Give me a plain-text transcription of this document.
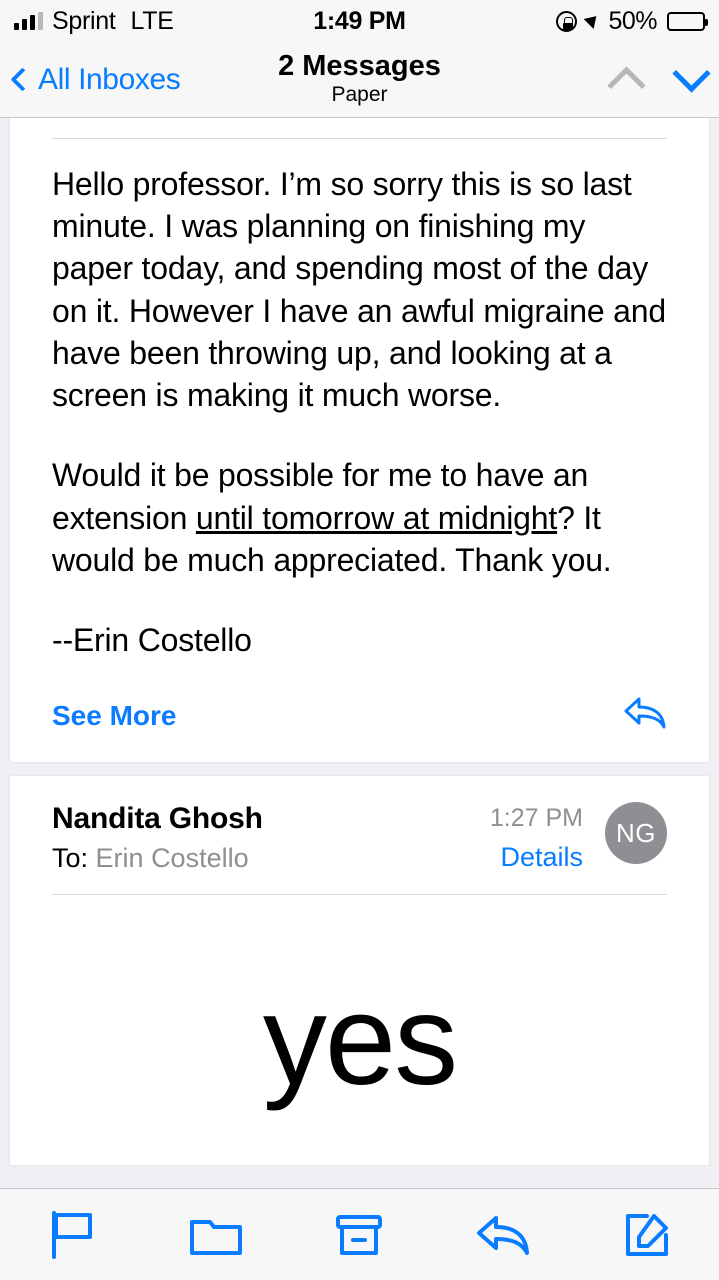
Sprint LTE	1:49 PM	50%
All Inboxes	2 Messages
Paper

Hello professor. I’m so sorry this is so last minute. I was planning on finishing my paper today, and spending most of the day on it. However I have an awful migraine and have been throwing up, and looking at a screen is making it much worse.

Would it be possible for me to have an extension until tomorrow at midnight? It would be much appreciated. Thank you.

--Erin Costello

See More
Nandita Ghosh
To: Erin Costello
1:27 PM
Details
NG
yes
